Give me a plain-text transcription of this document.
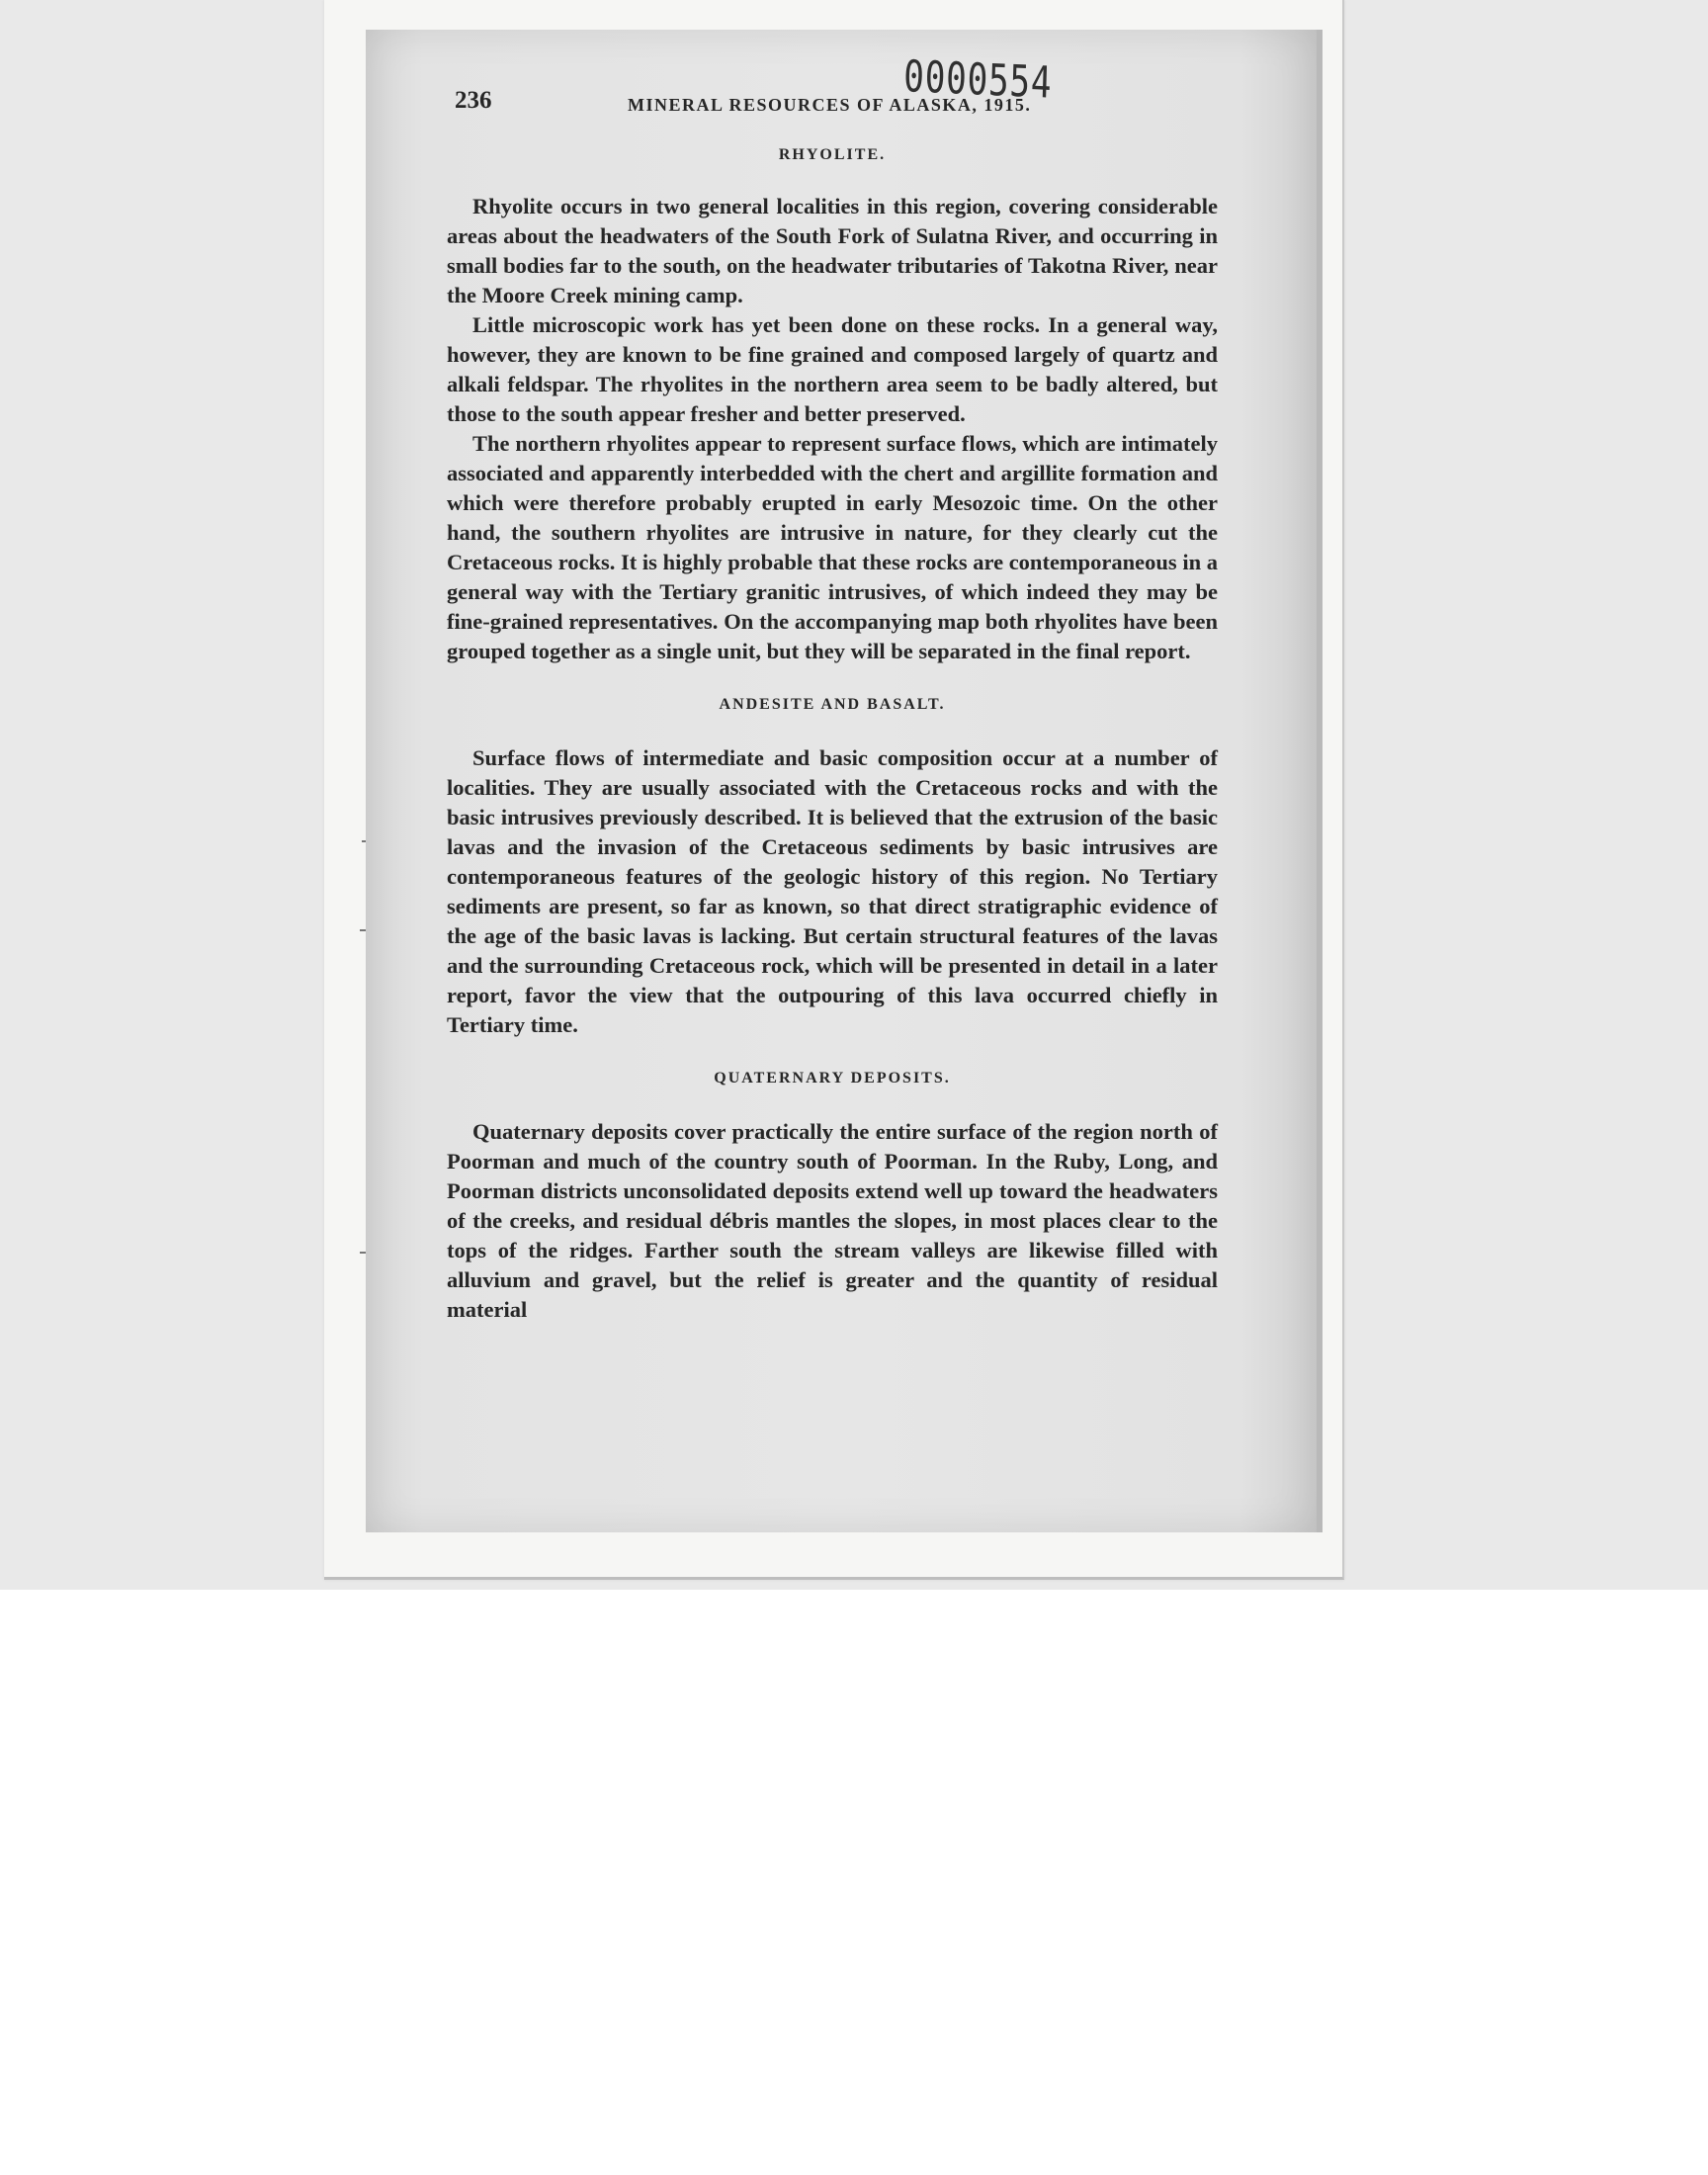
0000554
236	MINERAL RESOURCES OF ALASKA, 1915.
RHYOLITE.

Rhyolite occurs in two general localities in this region, covering considerable areas about the headwaters of the South Fork of Sulatna River, and occurring in small bodies far to the south, on the headwater tributaries of Takotna River, near the Moore Creek mining camp.

Little microscopic work has yet been done on these rocks. In a general way, however, they are known to be fine grained and composed largely of quartz and alkali feldspar. The rhyolites in the northern area seem to be badly altered, but those to the south appear fresher and better preserved.

The northern rhyolites appear to represent surface flows, which are intimately associated and apparently interbedded with the chert and argillite formation and which were therefore probably erupted in early Mesozoic time. On the other hand, the southern rhyolites are intrusive in nature, for they clearly cut the Cretaceous rocks. It is highly probable that these rocks are contemporaneous in a general way with the Tertiary granitic intrusives, of which indeed they may be fine-grained representatives. On the accompanying map both rhyolites have been grouped together as a single unit, but they will be separated in the final report.

ANDESITE AND BASALT.

Surface flows of intermediate and basic composition occur at a number of localities. They are usually associated with the Cretaceous rocks and with the basic intrusives previously described. It is believed that the extrusion of the basic lavas and the invasion of the Cretaceous sediments by basic intrusives are contemporaneous features of the geologic history of this region. No Tertiary sediments are present, so far as known, so that direct stratigraphic evidence of the age of the basic lavas is lacking. But certain structural features of the lavas and the surrounding Cretaceous rock, which will be presented in detail in a later report, favor the view that the outpouring of this lava occurred chiefly in Tertiary time.

QUATERNARY DEPOSITS.

Quaternary deposits cover practically the entire surface of the region north of Poorman and much of the country south of Poorman. In the Ruby, Long, and Poorman districts unconsolidated deposits extend well up toward the headwaters of the creeks, and residual débris mantles the slopes, in most places clear to the tops of the ridges. Farther south the stream valleys are likewise filled with alluvium and gravel, but the relief is greater and the quantity of residual material
